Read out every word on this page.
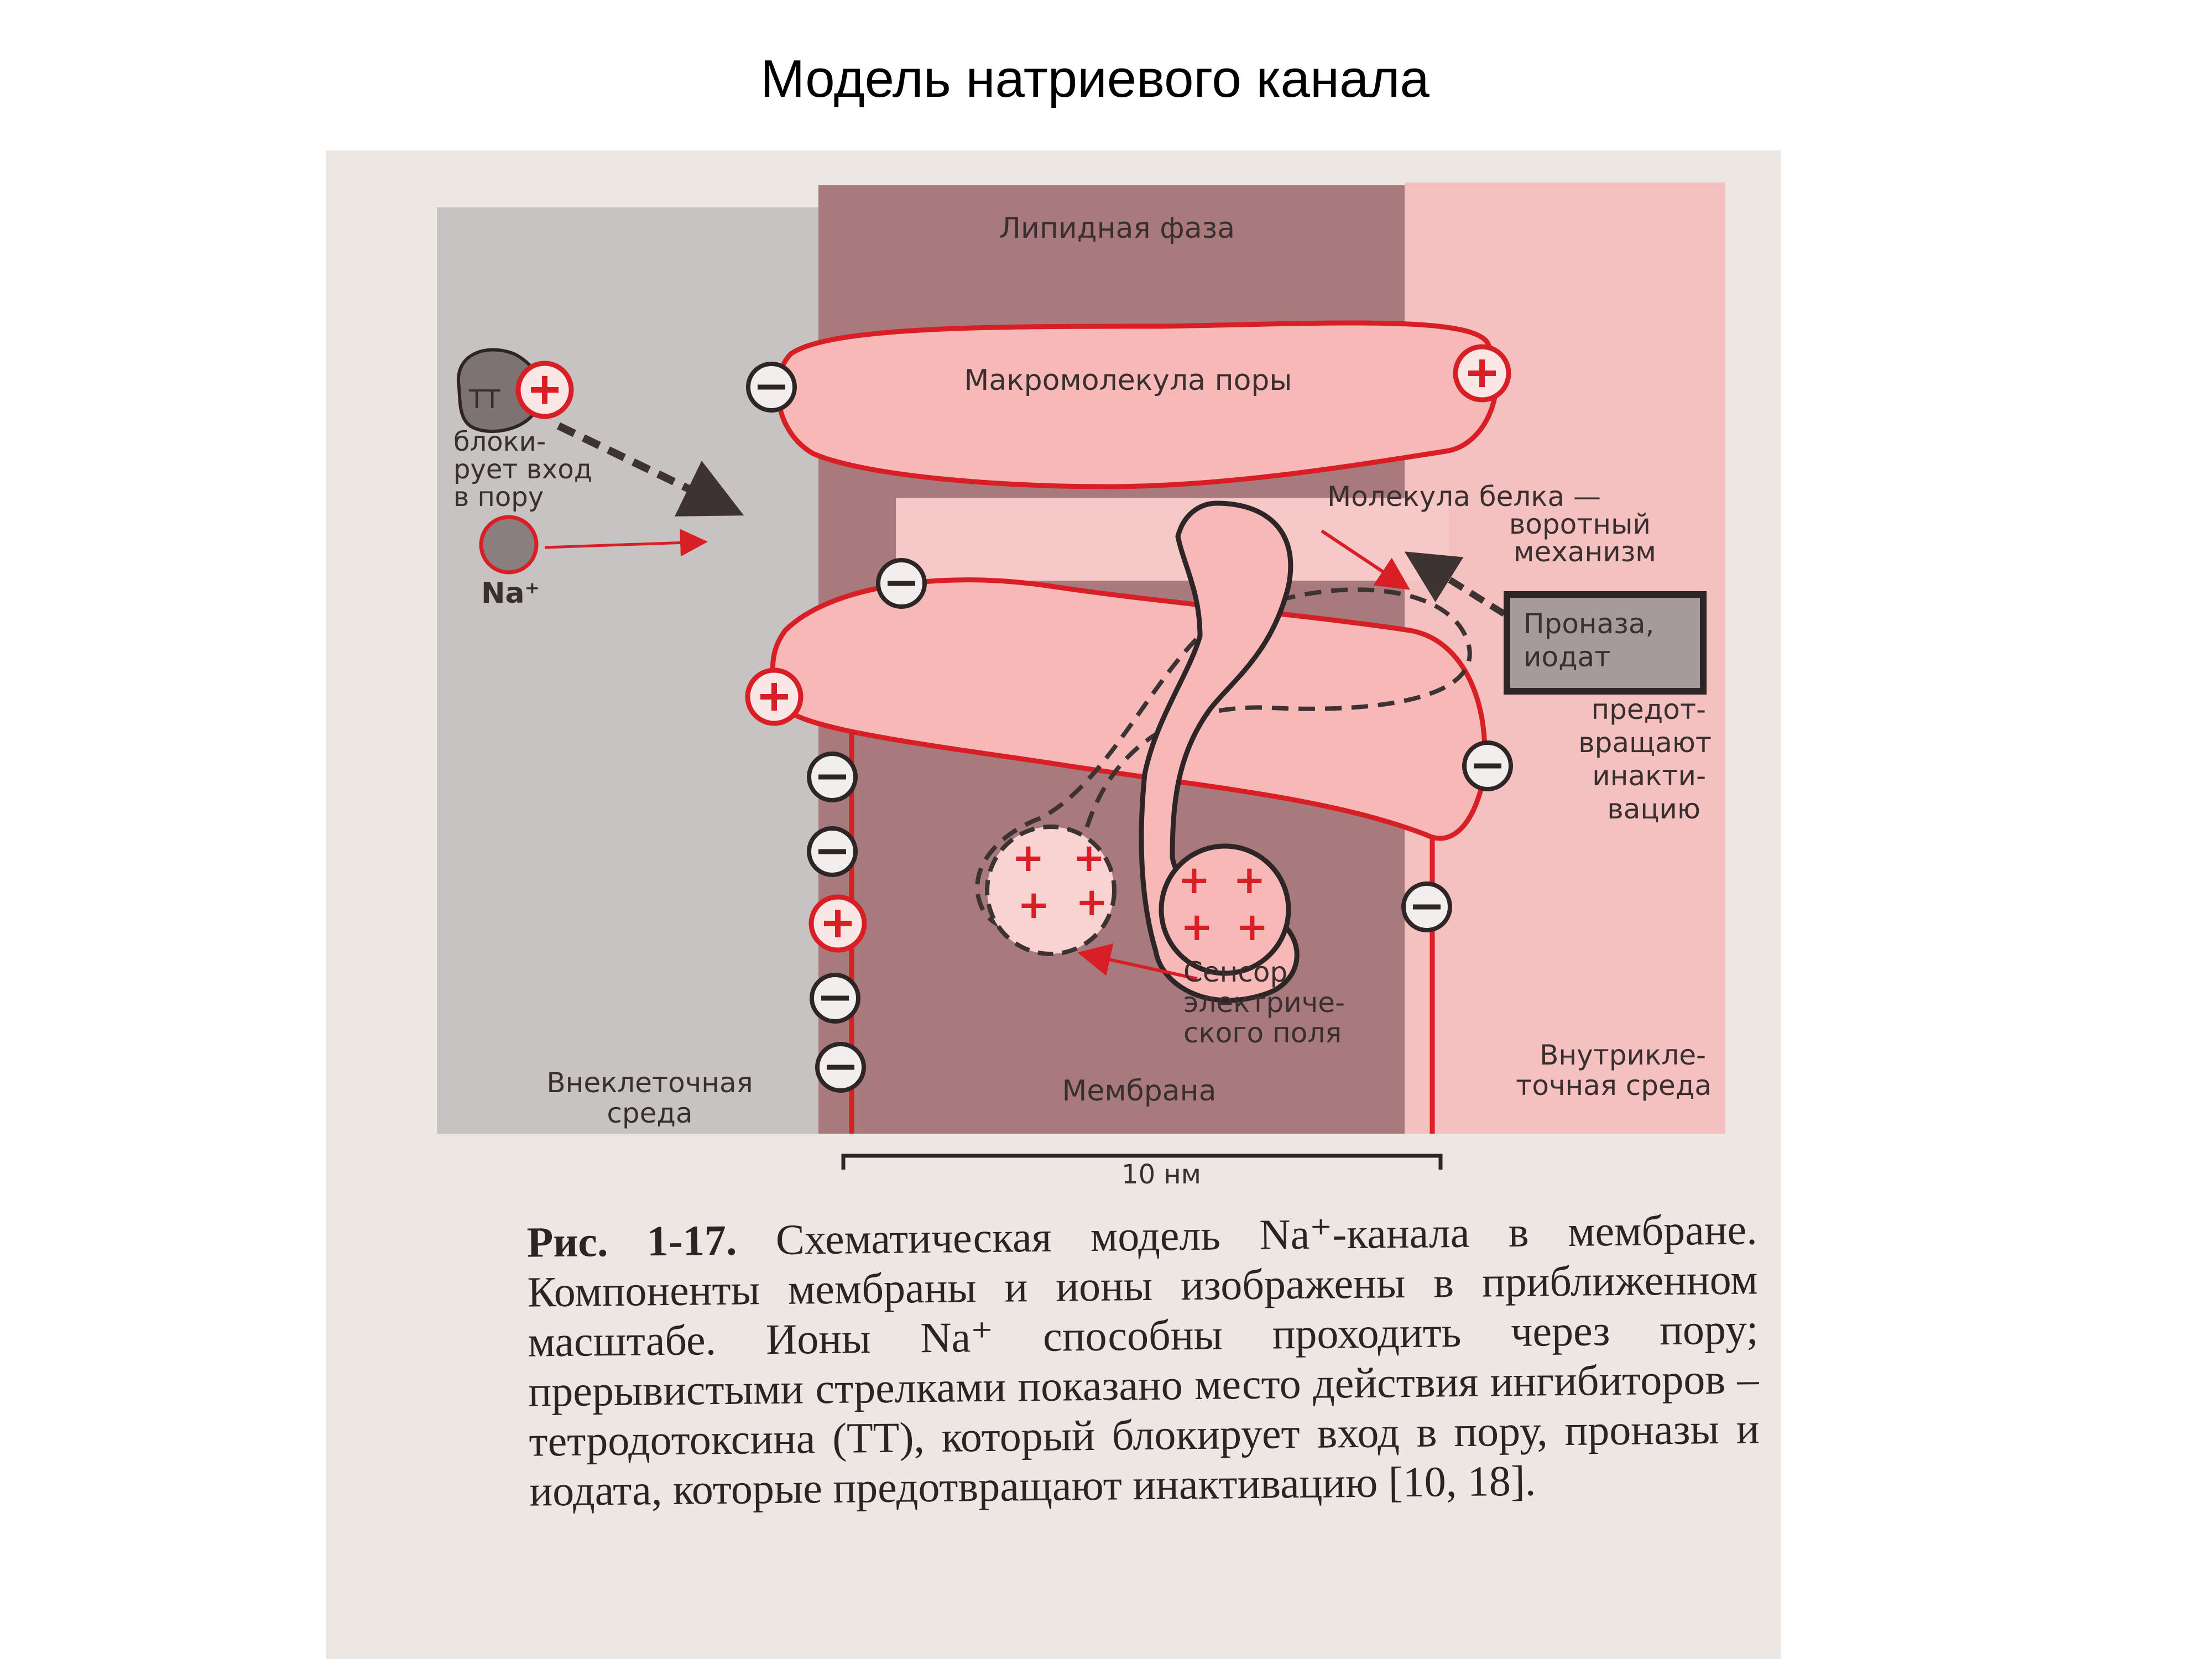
Модель натриевого канала
+ +
+ + + +
+ +
Липидная фаза
Макромолекула поры
ТТ
блоки-
рует вход
в пору
Na⁺
Молекула белка —
воротный
механизм
Проназа,
иодат
предот-
вращают
инакти-
вацию
Сенсор
электриче-
ского поля
Внеклеточная
среда
Мембрана
Внутрикле-
точная среда
10 нм
Рис. 1-17. Схематическая модель Na⁺-канала в мембране. Компоненты мембраны и ионы изображены в приближенном масштабе. Ионы Na⁺ способны проходить через пору; прерывистыми стрелками показано место действия ингибиторов – тетродотоксина (ТТ), который блокирует вход в пору, проназы и иодата, которые предотвращают инактивацию [10, 18].
